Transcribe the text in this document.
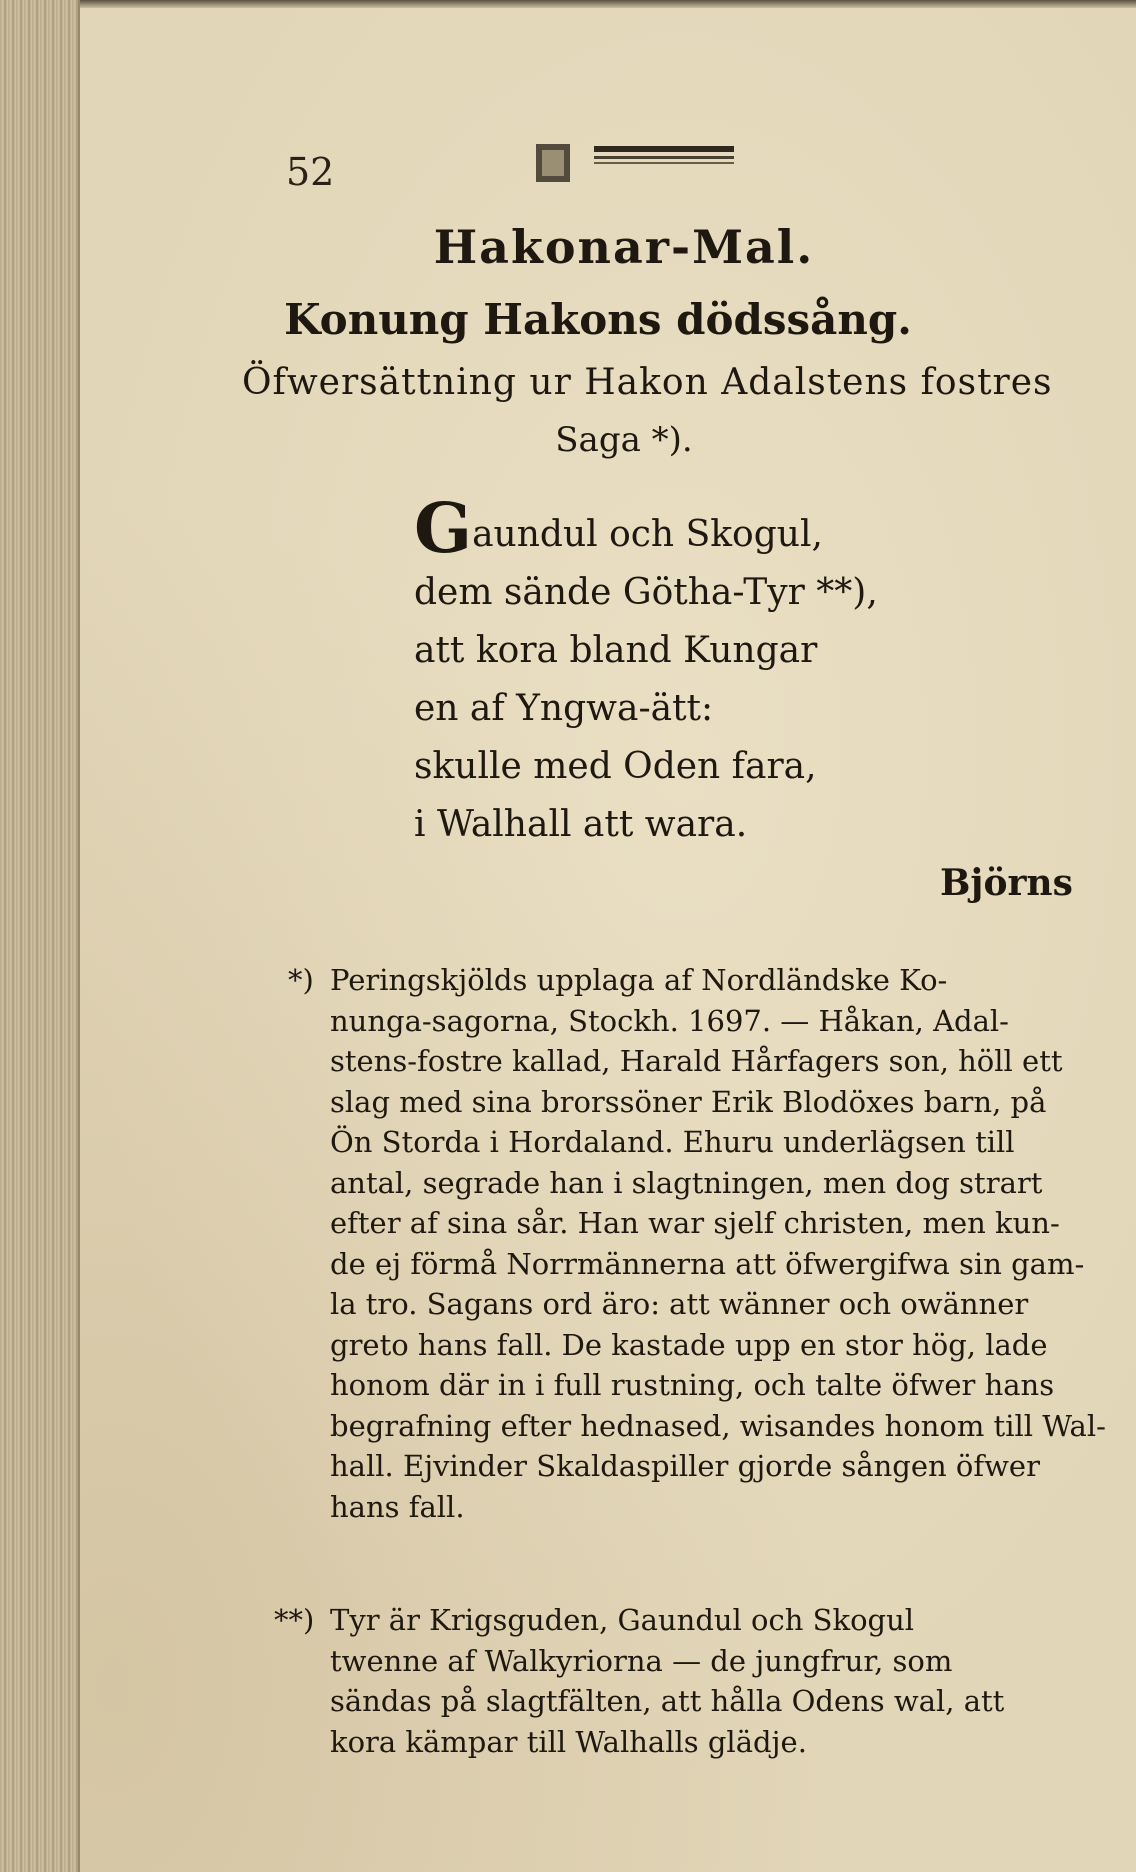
52
Hakonar-Mal.
Konung Hakons dödssång.
Öfwersättning ur Hakon Adalstens fostres
Saga *).
Gaundul och Skogul,
dem sände Götha-Tyr **),
att kora bland Kungar
en af Yngwa-ätt:
skulle med Oden fara,
i Walhall att wara.
Björns
*) Peringskjölds upplaga af Nordländske Ko-
nunga-sagorna, Stockh. 1697. — Håkan, Adal-
stens-fostre kallad, Harald Hårfagers son, höll ett
slag med sina brorssöner Erik Blodöxes barn, på
Ön Storda i Hordaland. Ehuru underlägsen till
antal, segrade han i slagtningen, men dog strart
efter af sina sår. Han war sjelf christen, men kun-
de ej förmå Norrmännerna att öfwergifwa sin gam-
la tro. Sagans ord äro: att wänner och owänner
greto hans fall. De kastade upp en stor hög, lade
honom där in i full rustning, och talte öfwer hans
begrafning efter hednased, wisandes honom till Wal-
hall. Ejvinder Skaldaspiller gjorde sången öfwer
hans fall.
**) Tyr är Krigsguden, Gaundul och Skogul
twenne af Walkyriorna — de jungfrur, som
sändas på slagtfälten, att hålla Odens wal, att
kora kämpar till Walhalls glädje.
